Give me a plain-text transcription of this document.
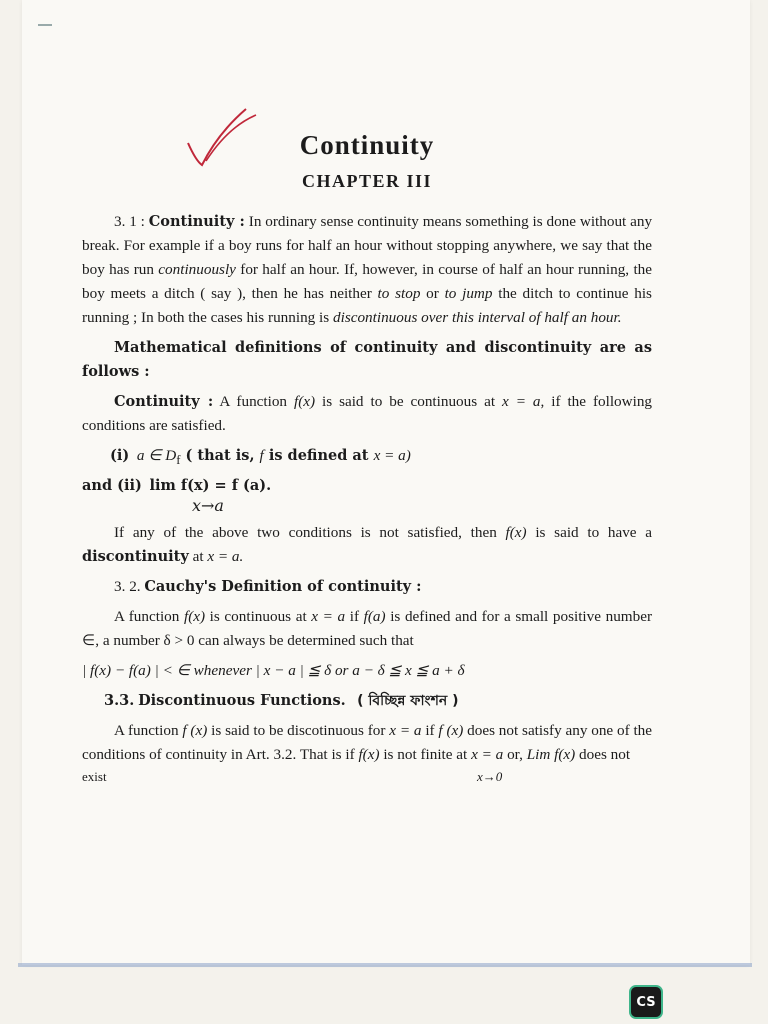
Continuity
CHAPTER III

3. 1 : Continuity : In ordinary sense continuity means something is done without any break. For example if a boy runs for half an hour without stopping anywhere, we say that the boy has run continuously for half an hour. If, however, in course of half an hour running, the boy meets a ditch ( say ), then he has neither to stop or to jump the ditch to continue his running ; In both the cases his running is discontinuous over this interval of half an hour.

Mathematical definitions of continuity and discontinuity are as follows :

Continuity : A function f(x) is said to be continuous at x = a, if the following conditions are satisfied.

(i) a ∈ $D_f$ ( that is, f is defined at x = a)

and (ii) lim f(x) = f (a).

x→a

If any of the above two conditions is not satisfied, then f(x) is said to have a discontinuity at x = a.

3. 2. Cauchy's Definition of continuity :

A function f(x) is continuous at x = a if f(a) is defined and for a small positive number ∈, a number δ > 0 can always be determined such that

| f(x) − f(a) | < ∈ whenever | x − a | ≦ δ or a − δ ≦ x ≦ a + δ

3.3. Discontinuous Functions. ( বিচ্ছিন্ন ফাংশন )

A function f (x) is said to be discotinuous for x = a if f (x) does not satisfy any one of the conditions of continuity in Art. 3.2. That is if f(x) is not finite at x = a or, Lim f(x) does not

exist	x→0

CS
